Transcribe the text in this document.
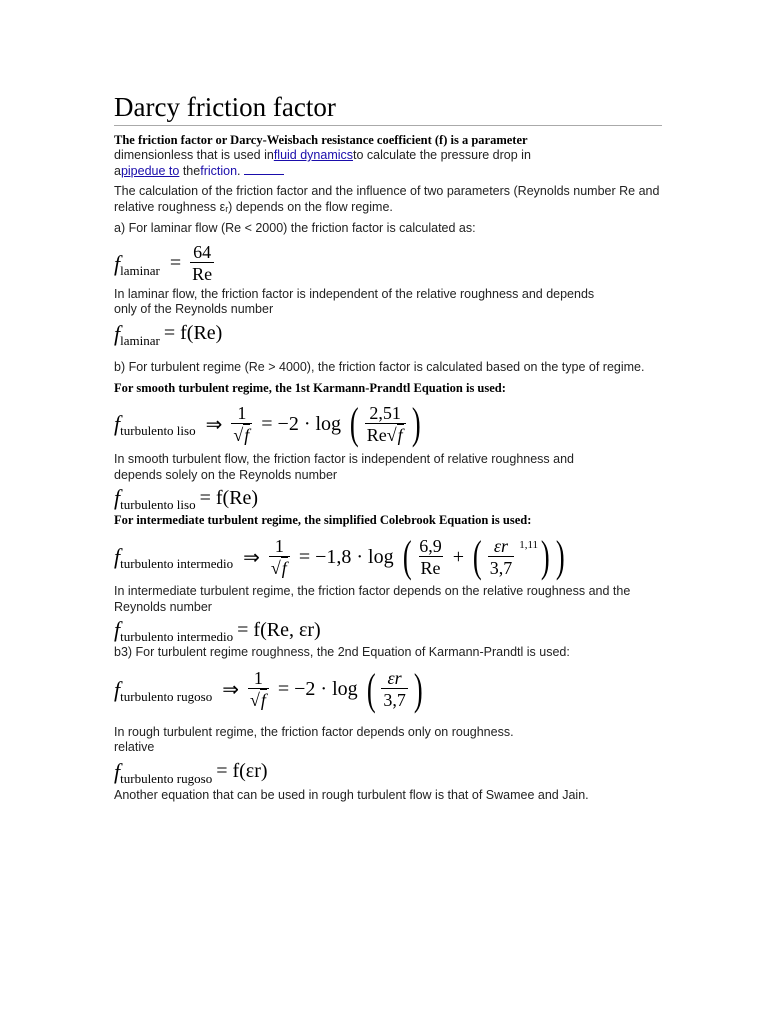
Darcy friction factor
The friction factor or Darcy-Weisbach resistance coefficient (f) is a parameter

dimensionless that is used influid dynamicsto calculate the pressure drop in

apipedue to thefriction.

The calculation of the friction factor and the influence of two parameters (Reynolds number Re and relative roughness εᵣ) depends on the flow regime.

a) For laminar flow (Re < 2000) the friction factor is calculated as:

f laminar = $\frac{64}{Re}$

In laminar flow, the friction factor is independent of the relative roughness and depends only of the Reynolds number

f laminar = f(Re)

b) For turbulent regime (Re > 4000), the friction factor is calculated based on the type of regime.

For smooth turbulent regime, the 1st Karmann-Prandtl Equation is used:
f turbulento liso ⇒ $\frac{1}{√f} = -2 \cdot \log$ ( $\frac{2,51}{Re√f}$ )

In smooth turbulent flow, the friction factor is independent of relative roughness and depends solely on the Reynolds number

f turbulento liso = f(Re)
For intermediate turbulent regime, the simplified Colebrook Equation is used:
f turbulento intermedio ⇒ $\frac{1}{√f} = -1,8 \cdot \log$ ( $\frac{6,9}{Re}$ + ( $\frac{\varepsilon r}{3,7} 1,11$ ) )

In intermediate turbulent regime, the friction factor depends on the relative roughness and the Reynolds number

f turbulento intermedio = f(Re, εr)

b3) For turbulent regime roughness, the 2nd Equation of Karmann-Prandtl is used:

f turbulento rugoso ⇒ $\frac{1}{√f} = -2 \cdot \log$ ( $\frac{\varepsilon r}{3,7}$ )

In rough turbulent regime, the friction factor depends only on roughness.

relative

f turbulento rugoso = f(εr)

Another equation that can be used in rough turbulent flow is that of Swamee and Jain.
